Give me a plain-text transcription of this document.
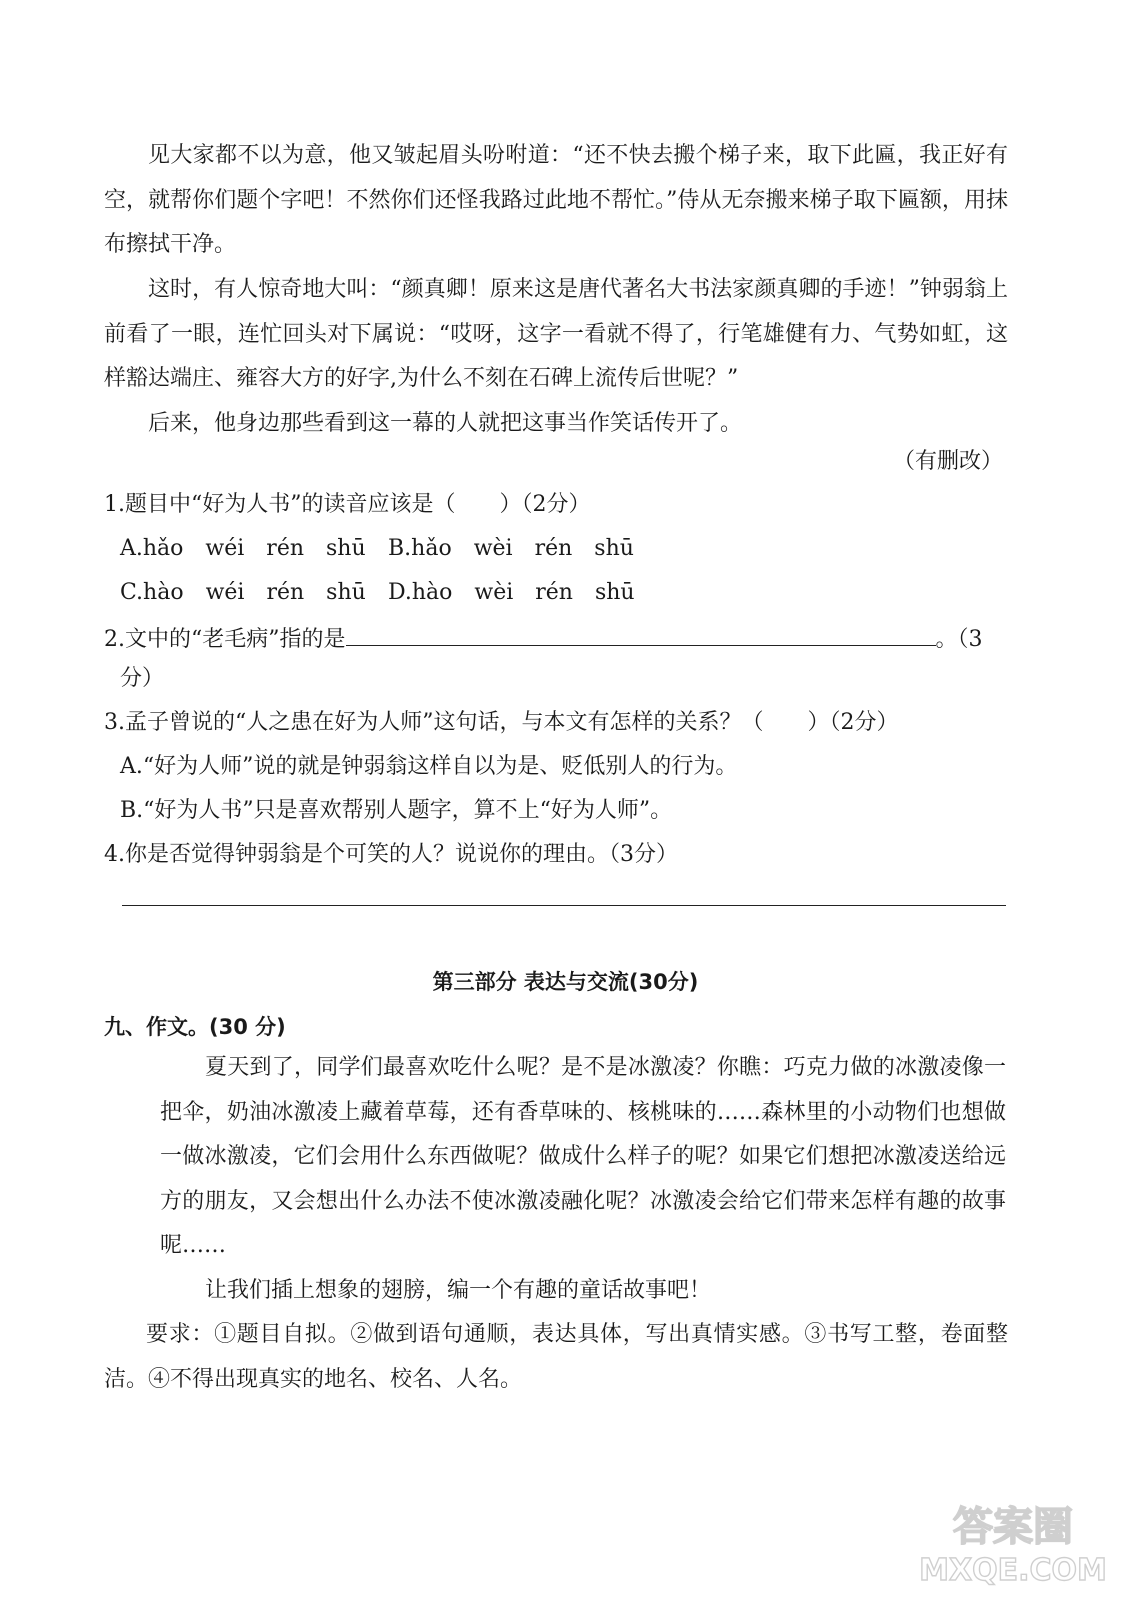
见大家都不以为意，他又皱起眉头吩咐道：“还不快去搬个梯子来，取下此匾，我正好有空，就帮你们题个字吧！不然你们还怪我路过此地不帮忙。”侍从无奈搬来梯子取下匾额，用抹布擦拭干净。

这时，有人惊奇地大叫：“颜真卿！原来这是唐代著名大书法家颜真卿的手迹！”钟弱翁上前看了一眼，连忙回头对下属说：“哎呀，这字一看就不得了，行笔雄健有力、气势如虹，这样豁达端庄、雍容大方的好字,为什么不刻在石碑上流传后世呢？”

后来，他身边那些看到这一幕的人就把这事当作笑话传开了。

（有删改）

1.题目中“好为人书”的读音应该是（　　）（2分）

A.hǎo　wéi　rén　shū B.hǎo　wèi　rén　shū

C.hào　wéi　rén　shū D.hào　wèi　rén　shū

2.文中的“老毛病”指的是	。（3

分）

3.孟子曾说的“人之患在好为人师”这句话，与本文有怎样的关系？（　　）（2分）

A.“好为人师”说的就是钟弱翁这样自以为是、贬低别人的行为。

B.“好为人书”只是喜欢帮别人题字，算不上“好为人师”。

4.你是否觉得钟弱翁是个可笑的人？说说你的理由。（3分）

第三部分 表达与交流(30分)

九、作文。(30 分)

夏天到了，同学们最喜欢吃什么呢？是不是冰激凌？你瞧：巧克力做的冰激凌像一把伞，奶油冰激凌上藏着草莓，还有香草味的、核桃味的……森林里的小动物们也想做一做冰激凌，它们会用什么东西做呢？做成什么样子的呢？如果它们想把冰激凌送给远方的朋友，又会想出什么办法不使冰激凌融化呢？冰激凌会给它们带来怎样有趣的故事呢……

让我们插上想象的翅膀，编一个有趣的童话故事吧！

要求：①题目自拟。②做到语句通顺，表达具体，写出真情实感。③书写工整，卷面整洁。④不得出现真实的地名、校名、人名。

答案圈
MXQE.COM
